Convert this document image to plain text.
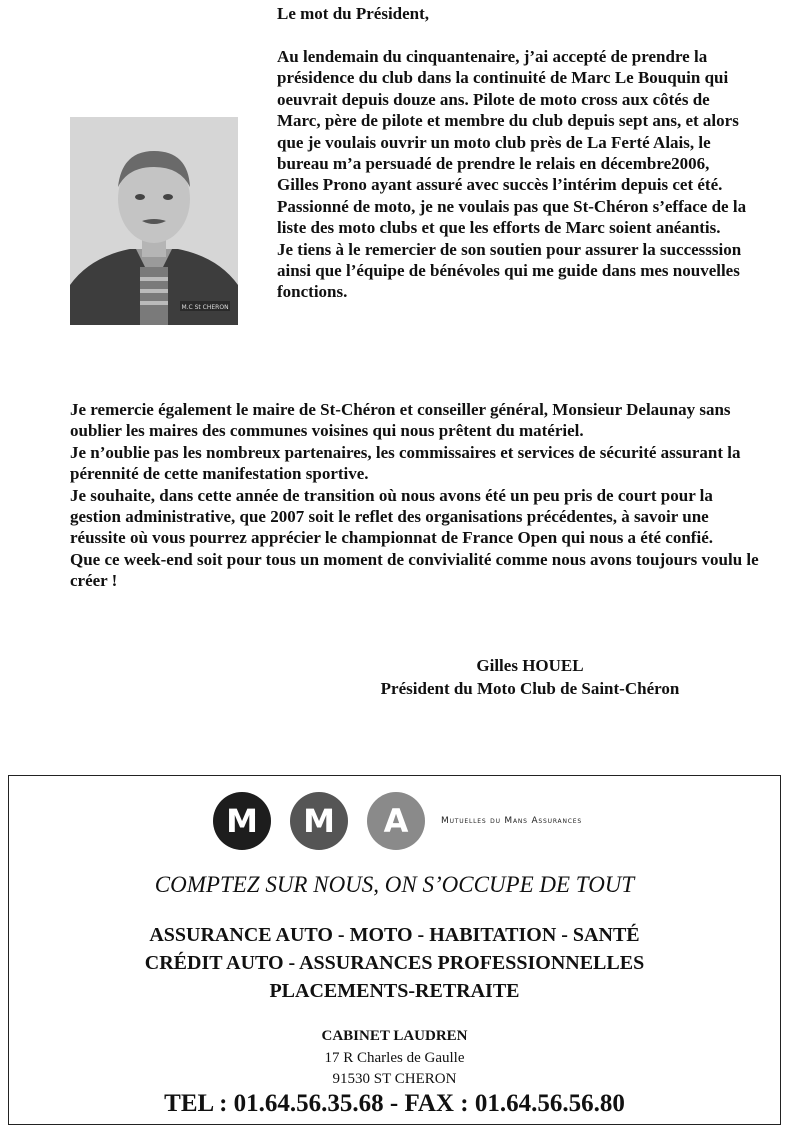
Le mot du Président,
M.C St CHERON

Au lendemain du cinquantenaire, j’ai accepté de prendre la présidence du club dans la continuité de Marc Le Bouquin qui oeuvrait depuis douze ans. Pilote de moto cross aux côtés de Marc, père de pilote et membre du club depuis sept ans, et alors que je voulais ouvrir un moto club près de La Ferté Alais, le bureau m’a persuadé de prendre le relais en décembre2006, Gilles Prono ayant assuré avec succès l’intérim depuis cet été. Passionné de moto, je ne voulais pas que St-Chéron s’efface de la liste des moto clubs et que les efforts de Marc soient anéantis.
Je tiens à le remercier de son soutien pour assurer la successsion ainsi que l’équipe de bénévoles qui me guide dans mes nouvelles fonctions.

Je remercie également le maire de St-Chéron et conseiller général, Monsieur Delaunay sans oublier les maires des communes voisines qui nous prêtent du matériel.

Je n’oublie pas les nombreux partenaires, les commissaires et services de sécurité assurant la pérennité de cette manifestation sportive.

Je souhaite, dans cette année de transition où nous avons été un peu pris de court pour la gestion administrative, que 2007 soit le reflet des organisations précédentes, à savoir une réussite où vous pourrez apprécier le championnat de France Open qui nous a été confié.

Que ce week-end soit pour tous un moment de convivialité comme nous avons toujours voulu le créer !

Gilles HOUEL
Président du Moto Club de Saint-Chéron
M	M	A	Mutuelles du Mans Assurances
COMPTEZ SUR NOUS, ON S’OCCUPE DE TOUT
ASSURANCE AUTO - MOTO - HABITATION - SANTÉ
CRÉDIT AUTO - ASSURANCES PROFESSIONNELLES
PLACEMENTS-RETRAITE
CABINET LAUDREN
17 R Charles de Gaulle
91530 ST CHERON
TEL : 01.64.56.35.68 - FAX : 01.64.56.56.80
